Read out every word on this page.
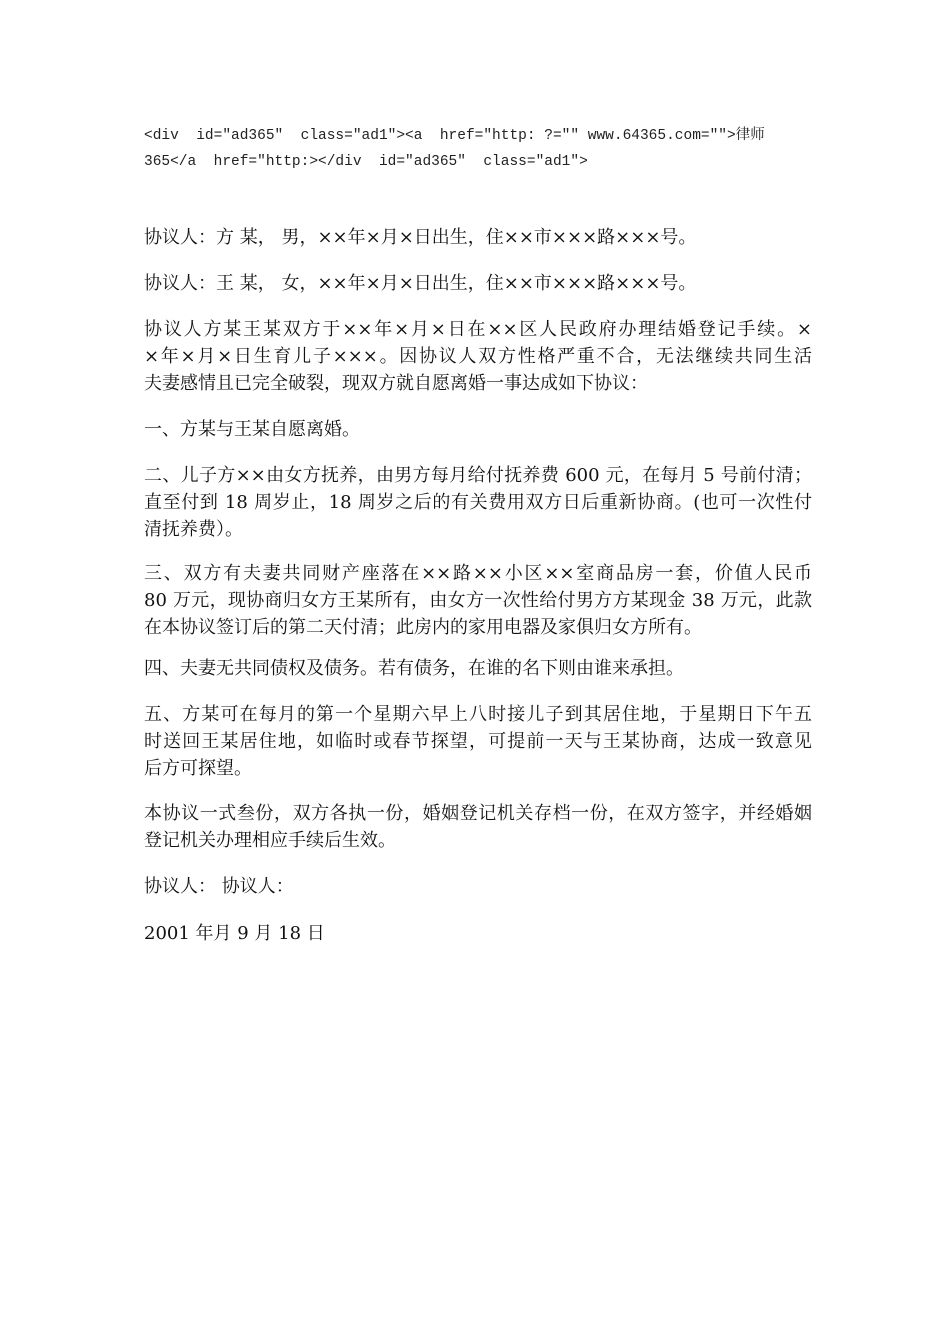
<div  id="ad365"  class="ad1"><a  href="http: ?="" www.64365.com="">律师
365</a  href="http:></div  id="ad365"  class="ad1">
协议人：方 某， 男，××年×月×日出生，住××市×××路×××号。
协议人：王 某， 女，××年×月×日出生，住××市×××路×××号。
协议人方某王某双方于××年×月×日在××区人民政府办理结婚登记手续。×
×年×月×日生育儿子×××。因协议人双方性格严重不合，无法继续共同生活
夫妻感情且已完全破裂，现双方就自愿离婚一事达成如下协议：
一、方某与王某自愿离婚。
二、儿子方××由女方抚养，由男方每月给付抚养费 600 元，在每月 5 号前付清；
直至付到 18 周岁止，18 周岁之后的有关费用双方日后重新协商。(也可一次性付
清抚养费）。
三、双方有夫妻共同财产座落在××路××小区××室商品房一套，价值人民币
80 万元，现协商归女方王某所有，由女方一次性给付男方方某现金 38 万元，此款
在本协议签订后的第二天付清；此房内的家用电器及家俱归女方所有。
四、夫妻无共同债权及债务。若有债务，在谁的名下则由谁来承担。
五、方某可在每月的第一个星期六早上八时接儿子到其居住地，于星期日下午五
时送回王某居住地，如临时或春节探望，可提前一天与王某协商，达成一致意见
后方可探望。
本协议一式叁份，双方各执一份，婚姻登记机关存档一份，在双方签字，并经婚姻
登记机关办理相应手续后生效。
协议人： 协议人：
2001 年月 9 月 18 日
